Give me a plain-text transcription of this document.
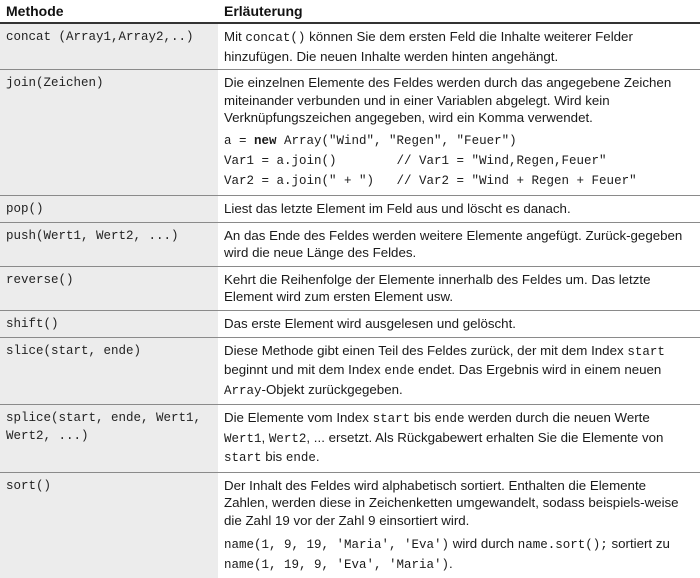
Methode	Erläuterung
concat (Array1,Array2,..)	Mit concat() können Sie dem ersten Feld die Inhalte weiterer Felder hinzufügen. Die neuen Inhalte werden hinten angehängt.

join(Zeichen)	Die einzelnen Elemente des Feldes werden durch das angegebene Zeichen miteinander verbunden und in einer Variablen abgelegt. Wird kein Verknüpfungszeichen angegeben, wird ein Komma verwendet.
a = new Array("Wind", "Regen", "Feuer")
Var1 = a.join()        // Var1 = "Wind,Regen,Feuer"
Var2 = a.join(" + ")   // Var2 = "Wind + Regen + Feuer"

pop()	Liest das letzte Element im Feld aus und löscht es danach.

push(Wert1, Wert2, ...)	An das Ende des Feldes werden weitere Elemente angefügt. Zurück-gegeben wird die neue Länge des Feldes.

reverse()	Kehrt die Reihenfolge der Elemente innerhalb des Feldes um. Das letzte Element wird zum ersten Element usw.

shift()	Das erste Element wird ausgelesen und gelöscht.

slice(start, ende)	Diese Methode gibt einen Teil des Feldes zurück, der mit dem Index start beginnt und mit dem Index ende endet. Das Ergebnis wird in einem neuen Array-Objekt zurückgegeben.

splice(start, ende, Wert1, Wert2, ...)	Die Elemente vom Index start bis ende werden durch die neuen Werte Wert1, Wert2, ... ersetzt. Als Rückgabewert erhalten Sie die Elemente von start bis ende.

sort()	Der Inhalt des Feldes wird alphabetisch sortiert. Enthalten die Elemente Zahlen, werden diese in Zeichenketten umgewandelt, sodass beispiels-weise die Zahl 19 vor der Zahl 9 einsortiert wird.
name(1, 9, 19, 'Maria', 'Eva') wird durch name.sort(); sortiert zu name(1, 19, 9, 'Eva', 'Maria').
